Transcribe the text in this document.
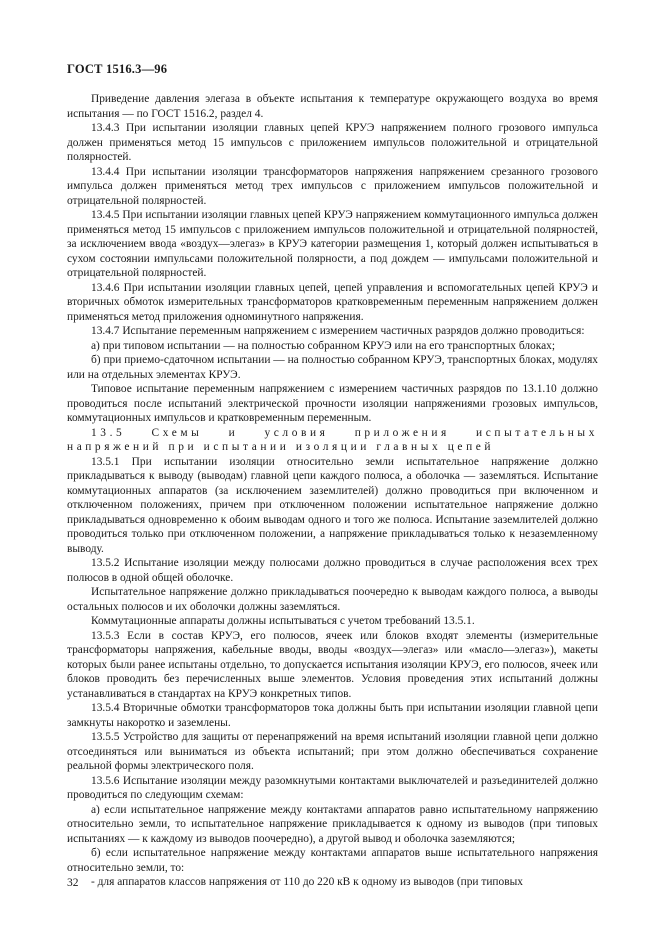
ГОСТ 1516.3—96

Приведение давления элегаза в объекте испытания к температуре окружающего воздуха во время испытания — по ГОСТ 1516.2, раздел 4.

13.4.3 При испытании изоляции главных цепей КРУЭ напряжением полного грозового импульса должен применяться метод 15 импульсов с приложением импульсов положительной и отрицательной полярностей.

13.4.4 При испытании изоляции трансформаторов напряжения напряжением срезанного грозового импульса должен применяться метод трех импульсов с приложением импульсов положительной и отрицательной полярностей.

13.4.5 При испытании изоляции главных цепей КРУЭ напряжением коммутационного импульса должен применяться метод 15 импульсов с приложением импульсов положительной и отрицательной полярностей, за исключением ввода «воздух—элегаз» в КРУЭ категории размещения 1, который должен испытываться в сухом состоянии импульсами положительной полярности, а под дождем — импульсами положительной и отрицательной полярностей.

13.4.6 При испытании изоляции главных цепей, цепей управления и вспомогательных цепей КРУЭ и вторичных обмоток измерительных трансформаторов кратковременным переменным напряжением должен применяться метод приложения одноминутного напряжения.

13.4.7 Испытание переменным напряжением с измерением частичных разрядов должно проводиться:

а) при типовом испытании — на полностью собранном КРУЭ или на его транспортных блоках;

б) при приемо-сдаточном испытании — на полностью собранном КРУЭ, транспортных блоках, модулях или на отдельных элементах КРУЭ.

Типовое испытание переменным напряжением с измерением частичных разрядов по 13.1.10 должно проводиться после испытаний электрической прочности изоляции напряжениями грозовых импульсов, коммутационных импульсов и кратковременным переменным.

13.5 Схемы и условия приложения испытательных напряжений при испытании изоляции главных цепей

13.5.1 При испытании изоляции относительно земли испытательное напряжение должно прикладываться к выводу (выводам) главной цепи каждого полюса, а оболочка — заземляться. Испытание коммутационных аппаратов (за исключением заземлителей) должно проводиться при включенном и отключенном положениях, причем при отключенном положении испытательное напряжение должно прикладываться одновременно к обоим выводам одного и того же полюса. Испытание заземлителей должно проводиться только при отключенном положении, а напряжение прикладываться только к незаземленному выводу.

13.5.2 Испытание изоляции между полюсами должно проводиться в случае расположения всех трех полюсов в одной общей оболочке.

Испытательное напряжение должно прикладываться поочередно к выводам каждого полюса, а выводы остальных полюсов и их оболочки должны заземляться.

Коммутационные аппараты должны испытываться с учетом требований 13.5.1.

13.5.3 Если в состав КРУЭ, его полюсов, ячеек или блоков входят элементы (измерительные трансформаторы напряжения, кабельные вводы, вводы «воздух—элегаз» или «масло—элегаз»), макеты которых были ранее испытаны отдельно, то допускается испытания изоляции КРУЭ, его полюсов, ячеек или блоков проводить без перечисленных выше элементов. Условия проведения этих испытаний должны устанавливаться в стандартах на КРУЭ конкретных типов.

13.5.4 Вторичные обмотки трансформаторов тока должны быть при испытании изоляции главной цепи замкнуты накоротко и заземлены.

13.5.5 Устройство для защиты от перенапряжений на время испытаний изоляции главной цепи должно отсоединяться или выниматься из объекта испытаний; при этом должно обеспечиваться сохранение реальной формы электрического поля.

13.5.6 Испытание изоляции между разомкнутыми контактами выключателей и разъединителей должно проводиться по следующим схемам:

а) если испытательное напряжение между контактами аппаратов равно испытательному напряжению относительно земли, то испытательное напряжение прикладывается к одному из выводов (при типовых испытаниях — к каждому из выводов поочередно), а другой вывод и оболочка заземляются;

б) если испытательное напряжение между контактами аппаратов выше испытательного напряжения относительно земли, то:

- для аппаратов классов напряжения от 110 до 220 кВ к одному из выводов (при типовых

32
